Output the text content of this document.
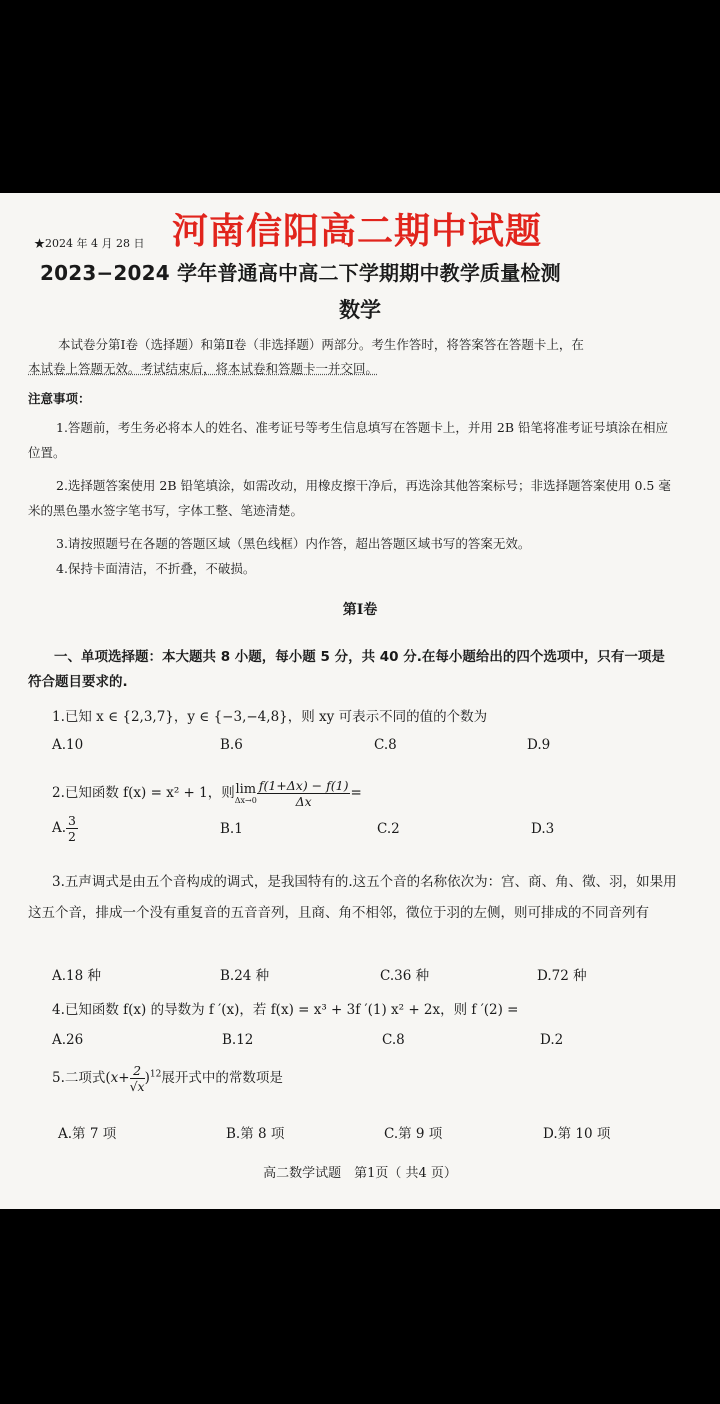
★2024 年 4 月 28 日 河南信阳高二期中试题
2023−2024 学年普通高中高二下学期期中教学质量检测
数学
本试卷分第Ⅰ卷（选择题）和第Ⅱ卷（非选择题）两部分。考生作答时，将答案答在答题卡上，在
本试卷上答题无效。考试结束后，将本试卷和答题卡一并交回。
注意事项：
1.答题前，考生务必将本人的姓名、准考证号等考生信息填写在答题卡上，并用 2B 铅笔将准考证号填涂在相应位置。
2.选择题答案使用 2B 铅笔填涂，如需改动，用橡皮擦干净后，再选涂其他答案标号；非选择题答案使用 0.5 毫米的黑色墨水签字笔书写，字体工整、笔迹清楚。
3.请按照题号在各题的答题区域（黑色线框）内作答，超出答题区域书写的答案无效。
4.保持卡面清洁，不折叠，不破损。
第Ⅰ卷
一、单项选择题：本大题共 8 小题，每小题 5 分，共 40 分.在每小题给出的四个选项中，只有一项是符合题目要求的.
1.已知 x ∈ {2,3,7}，y ∈ {−3,−4,8}，则 xy 可表示不同的值的个数为
A.10	B.6	C.8	D.9
2.已知函数 f(x) = x² + 1，则 lim
$\Delta x\to 0 \frac{f(1+\Delta x) - f(1)}{\Delta x}$ =
A. $\frac{3}{2}$	B.1	C.2	D.3
3.五声调式是由五个音构成的调式，是我国特有的.这五个音的名称依次为：宫、商、角、徵、羽，如果用这五个音，排成一个没有重复音的五音音列，且商、角不相邻，徵位于羽的左侧，则可排成的不同音列有
A.18 种	B.24 种	C.36 种	D.72 种
4.已知函数 f(x) 的导数为 f ′(x)，若 f(x) = x³ + 3f ′(1) x² + 2x，则 f ′(2) =
A.26	B.12	C.8	D.2
5.二项式$(x+ \frac{2}{√x} )^{12}$展开式中的常数项是
A.第 7 项	B.第 8 项	C.第 9 项	D.第 10 项
高二数学试题　第1页（ 共4 页）
